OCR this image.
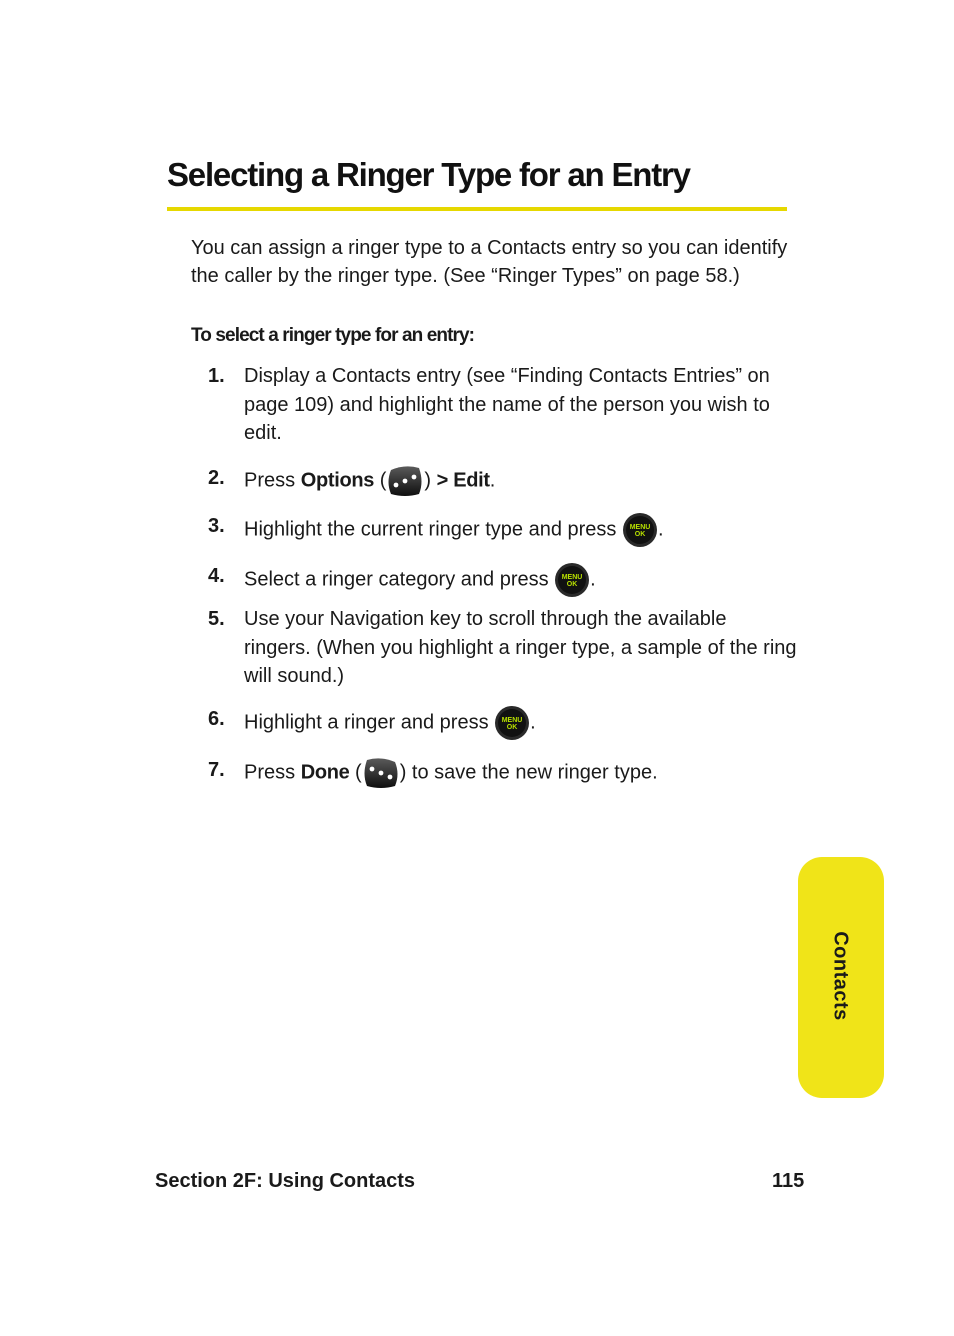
Selecting a Ringer Type for an Entry

You can assign a ringer type to a Contacts entry so you can identify the caller by the ringer type. (See “Ringer Types” on page 58.)

To select a ringer type for an entry:

1. Display a Contacts entry (see “Finding Contacts Entries” on page 109) and highlight the name of the person you wish to edit.
2. Press Options ( ) > Edit.
3. Highlight the current ringer type and press MENU
OK .
4. Select a ringer category and press MENU
OK .
5. Use your Navigation key to scroll through the available ringers. (When you highlight a ringer type, a sample of the ring will sound.)
6. Highlight a ringer and press MENU
OK .
7. Press Done ( ) to save the new ringer type.
Contacts
Section 2F: Using Contacts	115
